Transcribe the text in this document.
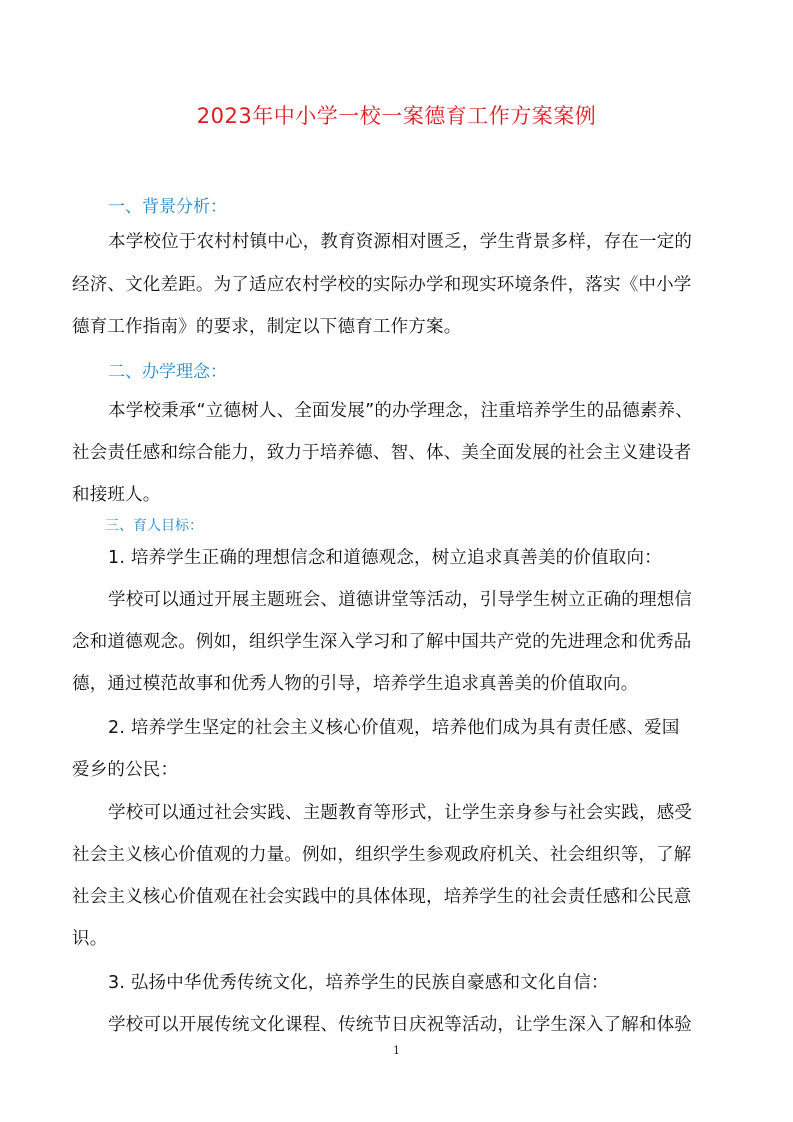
2023年中小学一校一案德育工作方案案例
一、背景分析：
本学校位于农村村镇中心，教育资源相对匮乏，学生背景多样，存在一定的
经济、文化差距。为了适应农村学校的实际办学和现实环境条件，落实《中小学
德育工作指南》的要求，制定以下德育工作方案。
二、办学理念：
本学校秉承“立德树人、全面发展”的办学理念，注重培养学生的品德素养、
社会责任感和综合能力，致力于培养德、智、体、美全面发展的社会主义建设者
和接班人。
三、育人目标：
1. 培养学生正确的理想信念和道德观念，树立追求真善美的价值取向：
学校可以通过开展主题班会、道德讲堂等活动，引导学生树立正确的理想信
念和道德观念。例如，组织学生深入学习和了解中国共产党的先进理念和优秀品
德，通过模范故事和优秀人物的引导，培养学生追求真善美的价值取向。
2. 培养学生坚定的社会主义核心价值观，培养他们成为具有责任感、爱国
爱乡的公民：
学校可以通过社会实践、主题教育等形式，让学生亲身参与社会实践，感受
社会主义核心价值观的力量。例如，组织学生参观政府机关、社会组织等，了解
社会主义核心价值观在社会实践中的具体体现，培养学生的社会责任感和公民意
识。
3. 弘扬中华优秀传统文化，培养学生的民族自豪感和文化自信：
学校可以开展传统文化课程、传统节日庆祝等活动，让学生深入了解和体验
1
